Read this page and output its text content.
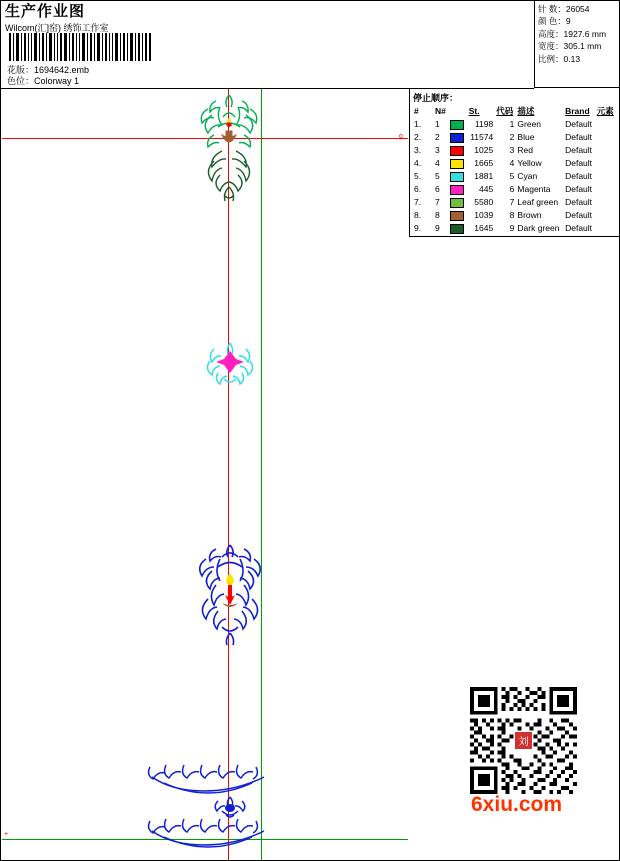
生产作业图
Wilcom(汇]窑) 绣饰工作室
花版：1694642.emb
色位：Colorway 1
针 数：26054
颜 色：9
高度：1927.6 mm
宽度：305.1 mm
比例：0.13
停止顺序：
#	N#		St.	代码	描述	Brand	元素
1.	1		1198	1	Green	Default	
2.	2		11574	2	Blue	Default	
3.	3		1025	3	Red	Default	
4.	4		1665	4	Yellow	Default	
5.	5		1881	5	Cyan	Default	
6.	6		445	6	Magenta	Default	
7.	7		5580	7	Leaf green	Default	
8.	8		1039	8	Brown	Default	
9.	9		1645	9	Dark green	Default	
o
+
刘
6xiu.com
